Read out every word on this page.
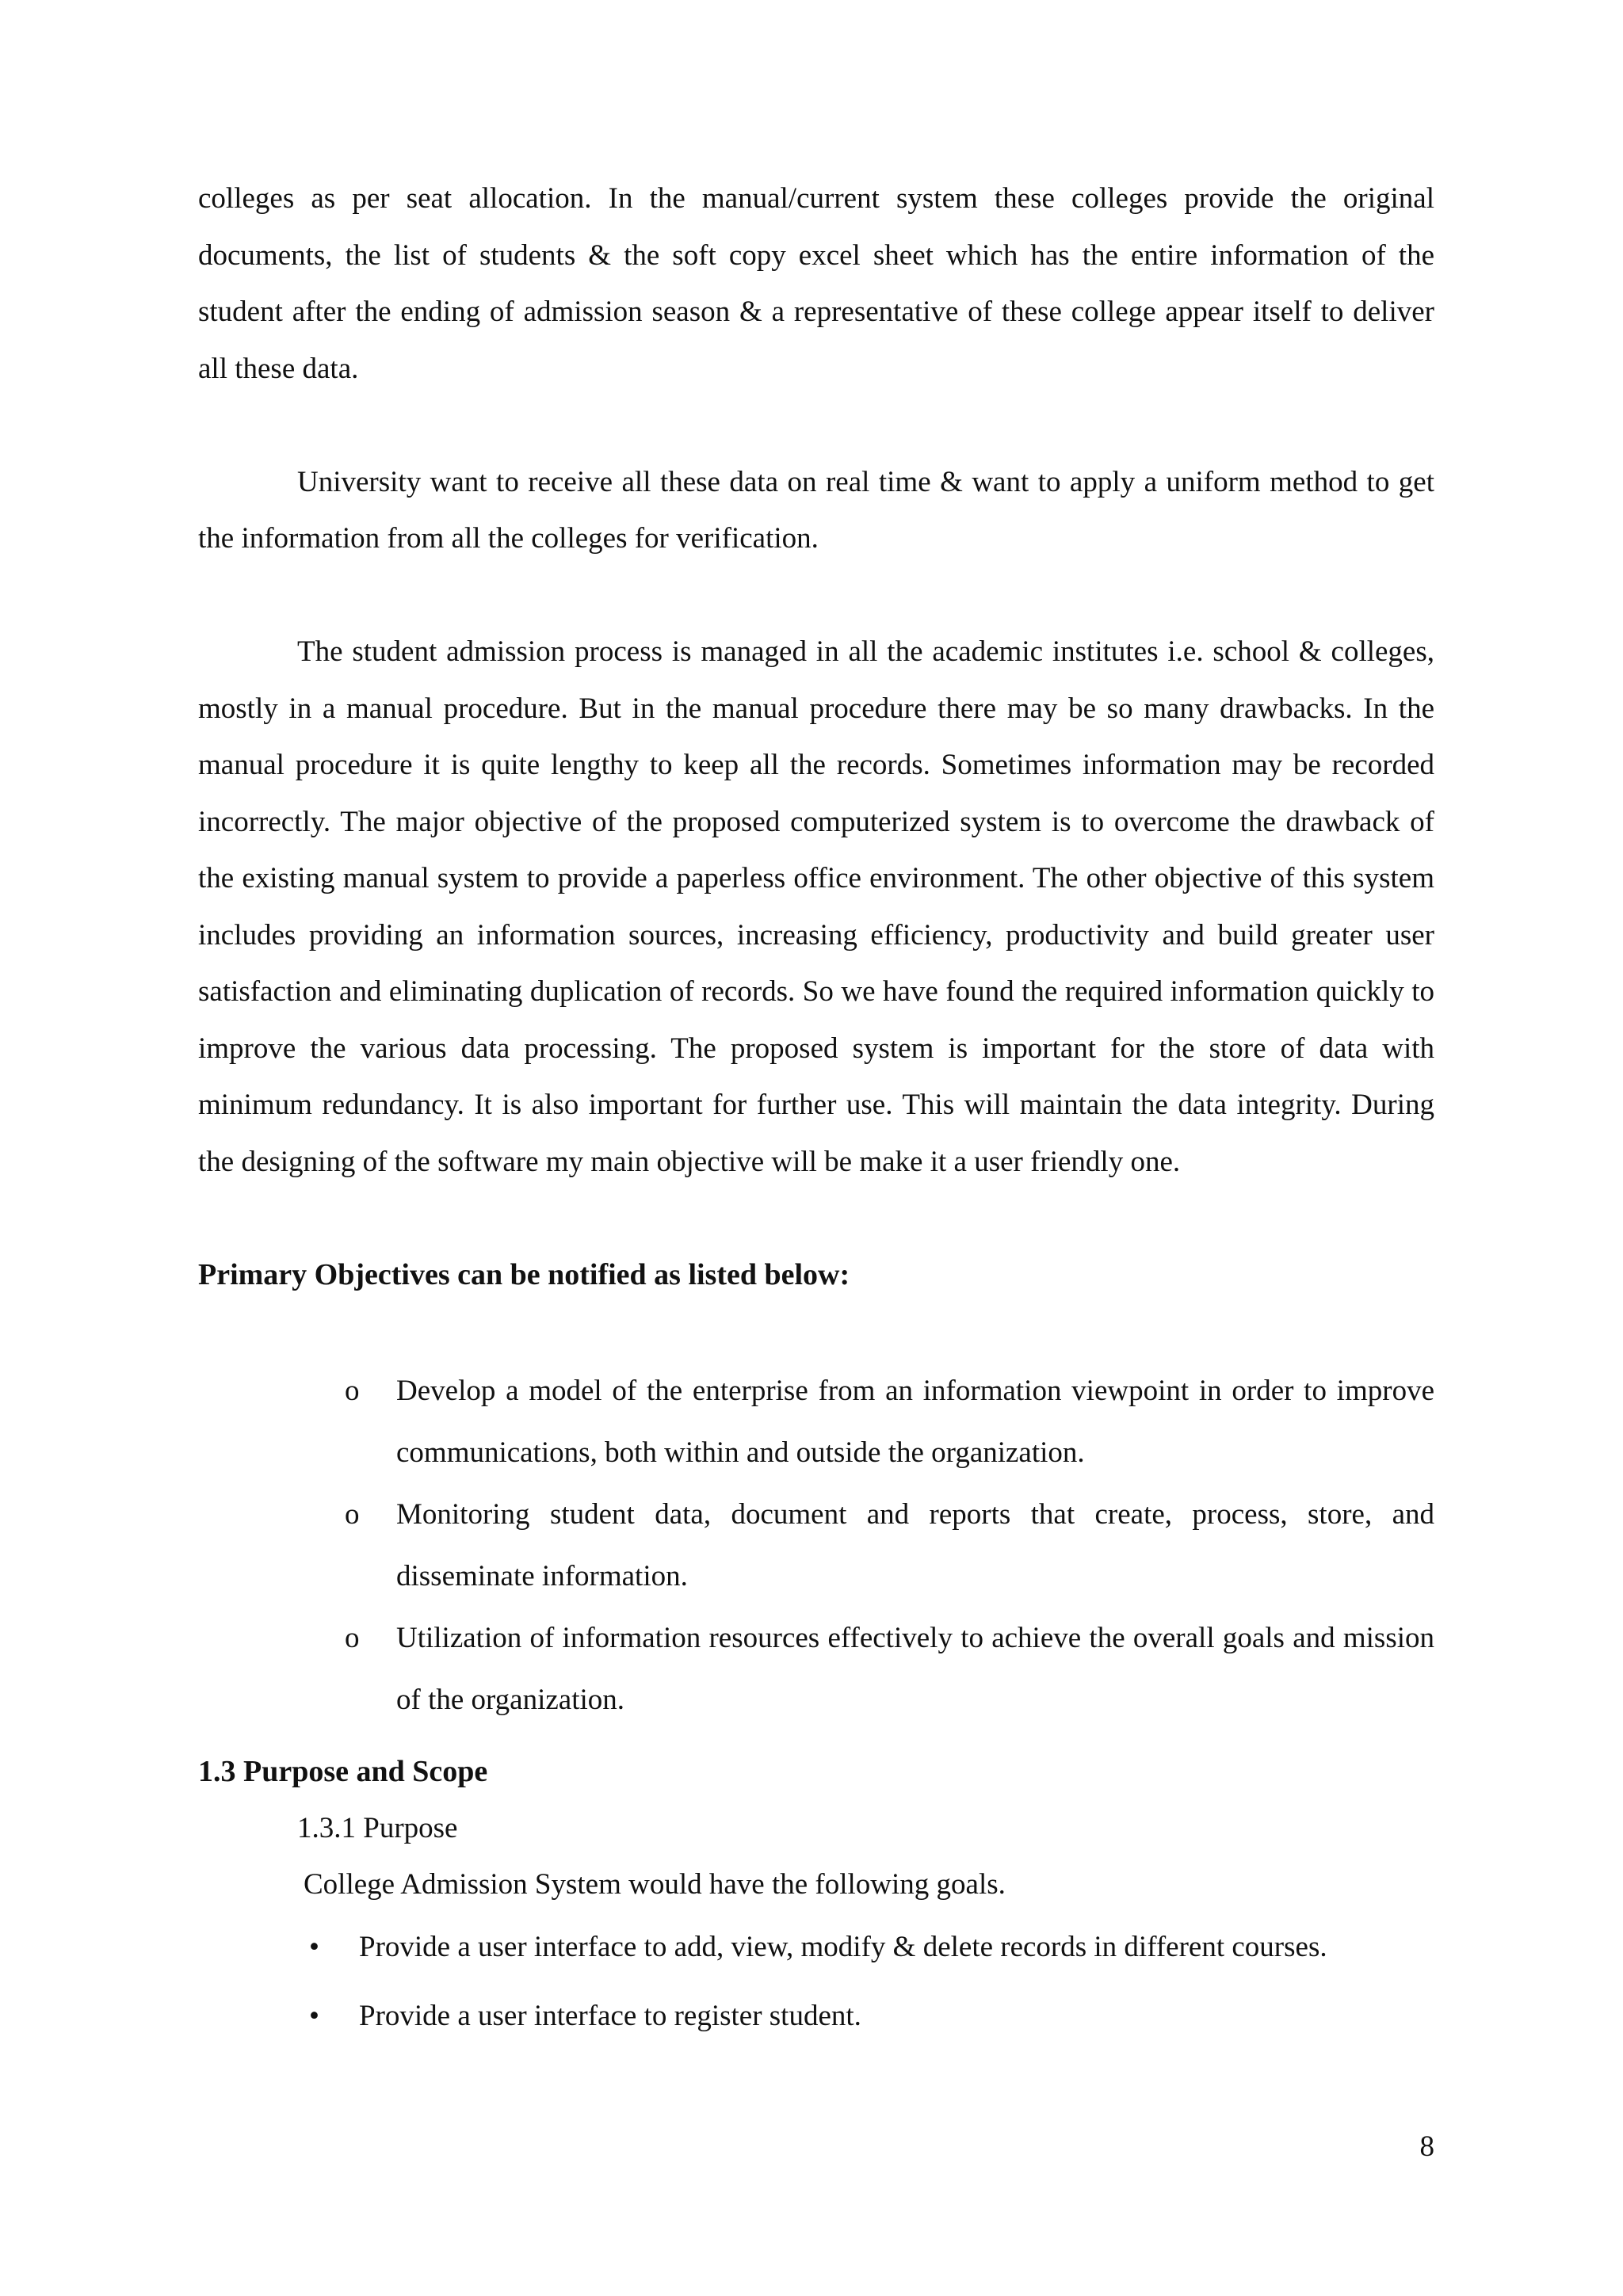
colleges as per seat allocation. In the manual/current system these colleges provide the original documents, the list of students & the soft copy excel sheet which has the entire information of the student after the ending of admission season & a representative of these college appear itself to deliver all these data.

University want to receive all these data on real time & want to apply a uniform method to get the information from all the colleges for verification.

The student admission process is managed in all the academic institutes i.e. school & colleges, mostly in a manual procedure. But in the manual procedure there may be so many drawbacks. In the manual procedure it is quite lengthy to keep all the records. Sometimes information may be recorded incorrectly. The major objective of the proposed computerized system is to overcome the drawback of the existing manual system to provide a paperless office environment. The other objective of this system includes providing an information sources, increasing efficiency, productivity and build greater user satisfaction and eliminating duplication of records. So we have found the required information quickly to improve the various data processing. The proposed system is important for the store of data with minimum redundancy. It is also important for further use. This will maintain the data integrity. During the designing of the software my main objective will be make it a user friendly one.

Primary Objectives can be notified as listed below:

o Develop a model of the enterprise from an information viewpoint in order to improve communications, both within and outside the organization.
o Monitoring student data, document and reports that create, process, store, and disseminate information.
o Utilization of information resources effectively to achieve the overall goals and mission of the organization.

1.3 Purpose and Scope

1.3.1 Purpose

College Admission System would have the following goals.

• Provide a user interface to add, view, modify & delete records in different courses.
• Provide a user interface to register student.
8
